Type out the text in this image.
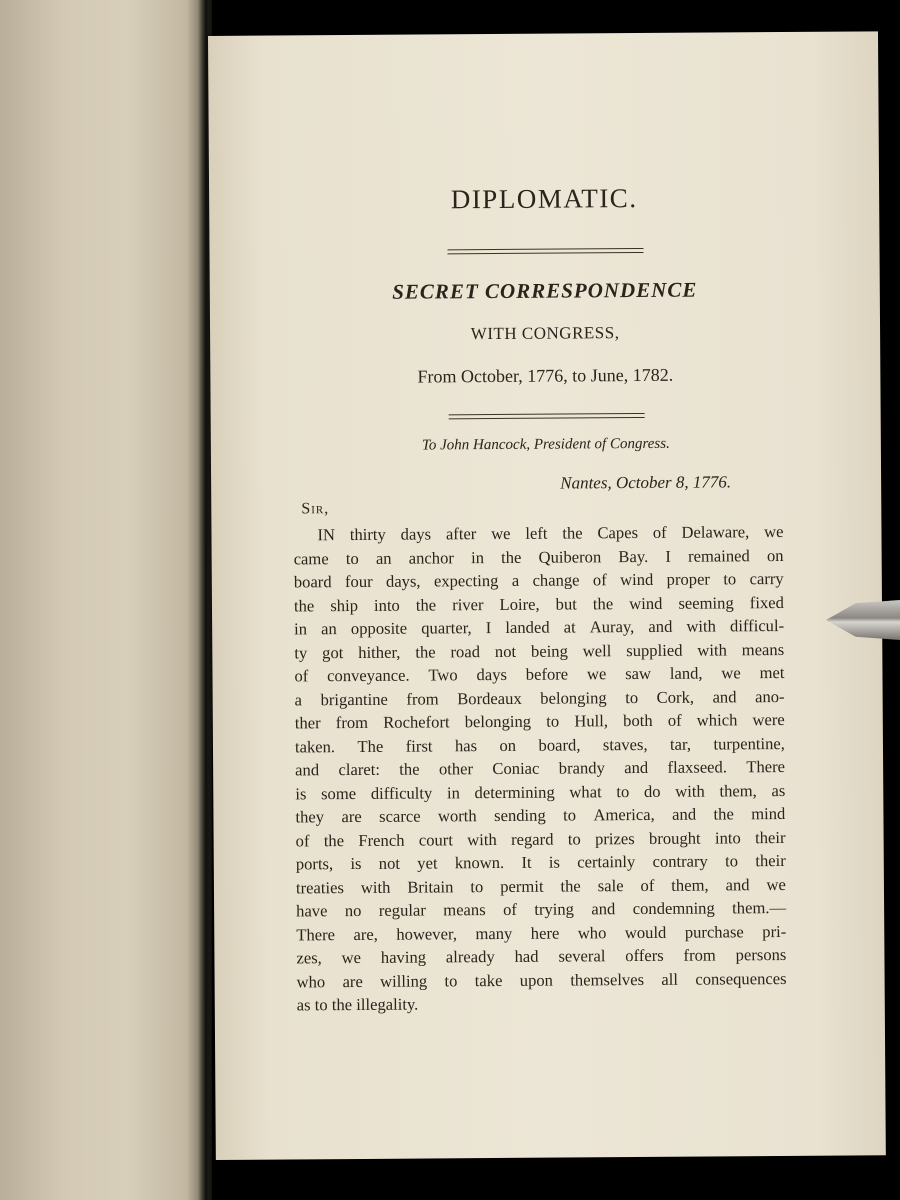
DIPLOMATIC.
SECRET CORRESPONDENCE
WITH CONGRESS,
From October, 1776, to June, 1782.
To John Hancock, President of Congress.
Nantes, October 8, 1776.
Sir,
IN thirty days after we left the Capes of Delaware, we
came to an anchor in the Quiberon Bay. I remained on
board four days, expecting a change of wind proper to carry
the ship into the river Loire, but the wind seeming fixed
in an opposite quarter, I landed at Auray, and with difficul-
ty got hither, the road not being well supplied with means
of conveyance. Two days before we saw land, we met
a brigantine from Bordeaux belonging to Cork, and ano-
ther from Rochefort belonging to Hull, both of which were
taken. The first has on board, staves, tar, turpentine,
and claret: the other Coniac brandy and flaxseed. There
is some difficulty in determining what to do with them, as
they are scarce worth sending to America, and the mind
of the French court with regard to prizes brought into their
ports, is not yet known. It is certainly contrary to their
treaties with Britain to permit the sale of them, and we
have no regular means of trying and condemning them.—
There are, however, many here who would purchase pri-
zes, we having already had several offers from persons
who are willing to take upon themselves all consequences
as to the illegality.
